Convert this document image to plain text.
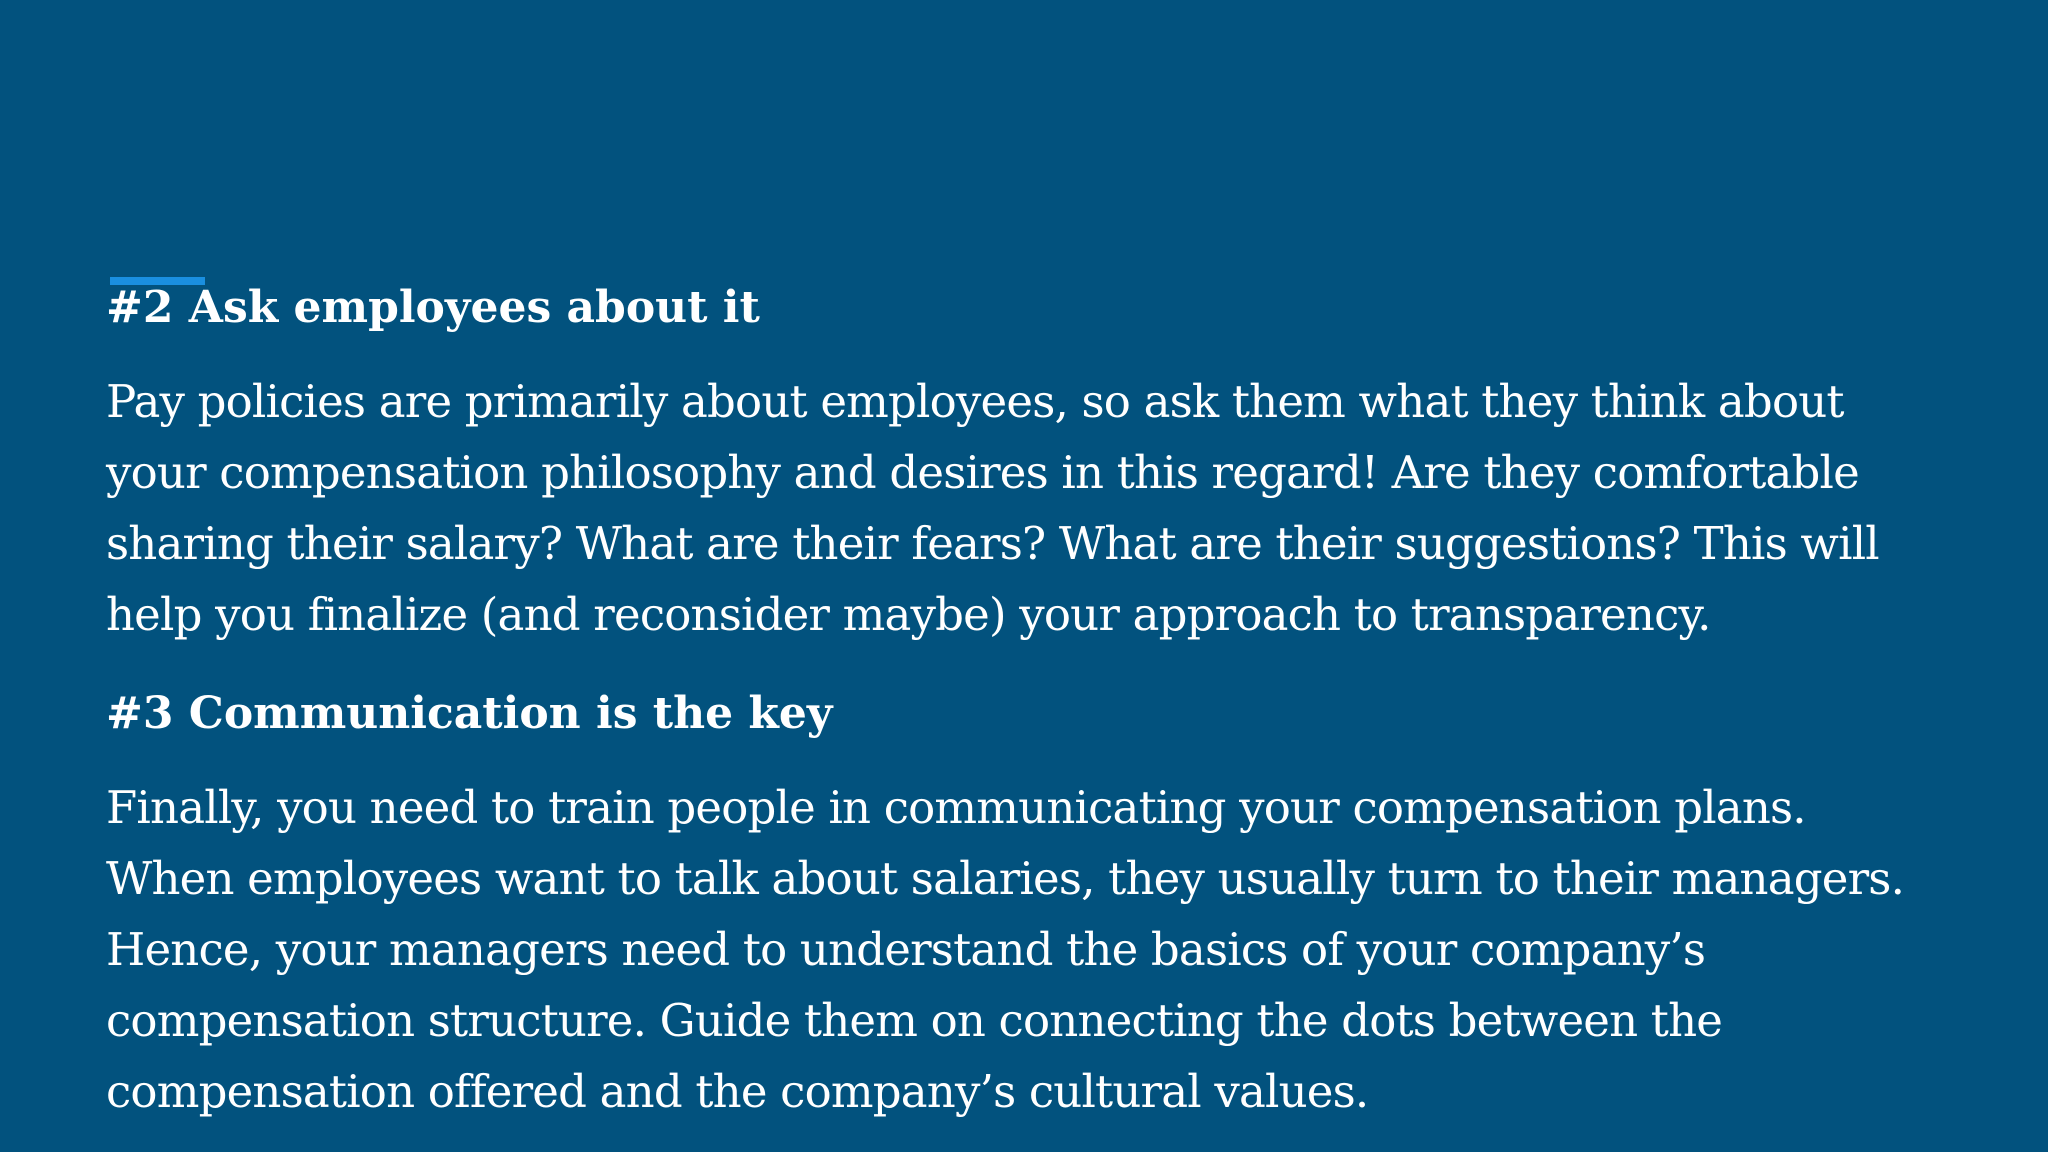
#2 Ask employees about it
Pay policies are primarily about employees, so ask them what they think about
your compensation philosophy and desires in this regard! Are they comfortable
sharing their salary? What are their fears? What are their suggestions? This will
help you finalize (and reconsider maybe) your approach to transparency.
#3 Communication is the key
Finally, you need to train people in communicating your compensation plans.
When employees want to talk about salaries, they usually turn to their managers.
Hence, your managers need to understand the basics of your company’s
compensation structure. Guide them on connecting the dots between the
compensation offered and the company’s cultural values.
